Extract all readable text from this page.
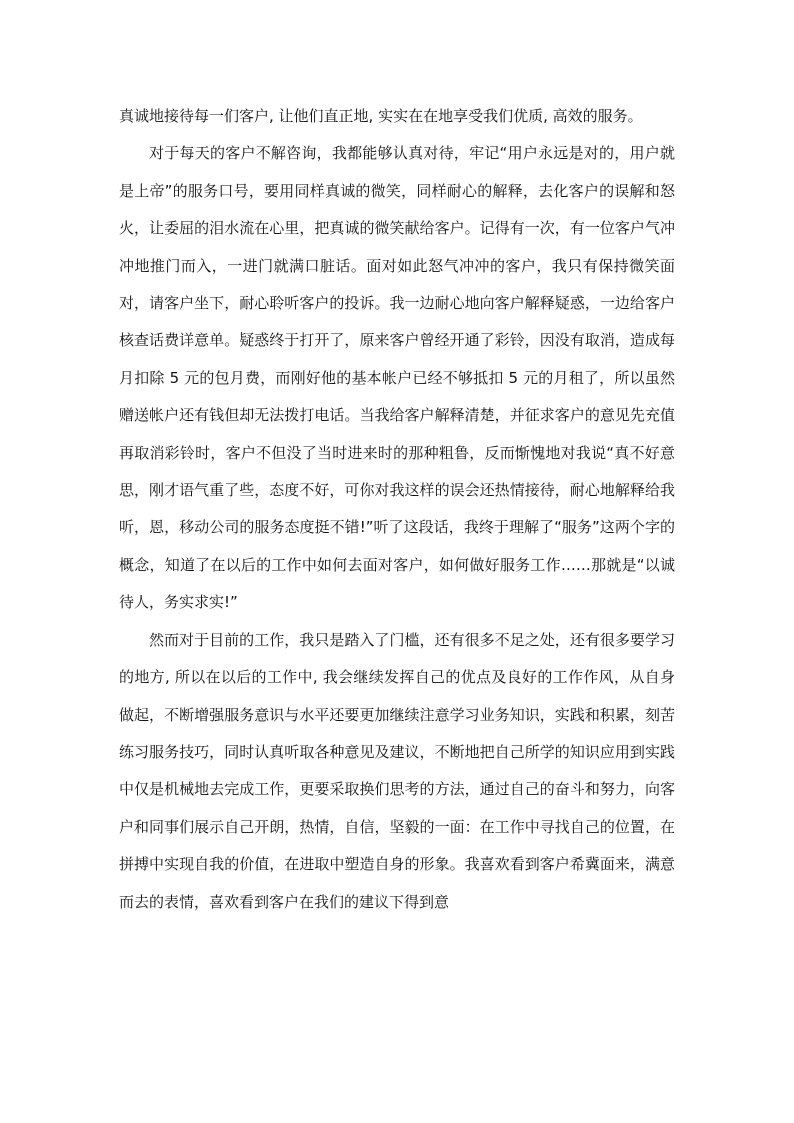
真诚地接待每一们客户, 让他们直正地, 实实在在地享受我们优质, 高效的服务。

对于每天的客户不解咨询，我都能够认真对待，牢记“用户永远是对的，用户就是上帝”的服务口号，要用同样真诚的微笑，同样耐心的解释，去化客户的误解和怒火，让委屈的泪水流在心里，把真诚的微笑献给客户。记得有一次，有一位客户气冲冲地推门而入，一进门就满口脏话。面对如此怒气冲冲的客户，我只有保持微笑面对，请客户坐下，耐心聆听客户的投诉。我一边耐心地向客户解释疑惑，一边给客户核查话费详意单。疑惑终于打开了，原来客户曾经开通了彩铃，因没有取消，造成每月扣除 5 元的包月费，而刚好他的基本帐户已经不够抵扣 5 元的月租了，所以虽然赠送帐户还有钱但却无法拨打电话。当我给客户解释清楚，并征求客户的意见先充值再取消彩铃时，客户不但没了当时进来时的那种粗鲁，反而惭愧地对我说“真不好意思，刚才语气重了些，态度不好，可你对我这样的误会还热情接待，耐心地解释给我听，恩，移动公司的服务态度挺不错!”听了这段话，我终于理解了“服务”这两个字的概念，知道了在以后的工作中如何去面对客户，如何做好服务工作……那就是“以诚待人，务实求实!”

然而对于目前的工作，我只是踏入了门槛，还有很多不足之处，还有很多要学习的地方, 所以在以后的工作中, 我会继续发挥自己的优点及良好的工作作风，从自身做起，不断增强服务意识与水平还要更加继续注意学习业务知识，实践和积累，刻苦练习服务技巧，同时认真听取各种意见及建议，不断地把自己所学的知识应用到实践中仅是机械地去完成工作，更要采取换们思考的方法，通过自己的奋斗和努力，向客户和同事们展示自己开朗，热情，自信，坚毅的一面：在工作中寻找自己的位置，在拼搏中实现自我的价值，在进取中塑造自身的形象。我喜欢看到客户希冀面来，满意而去的表情，喜欢看到客户在我们的建议下得到意
